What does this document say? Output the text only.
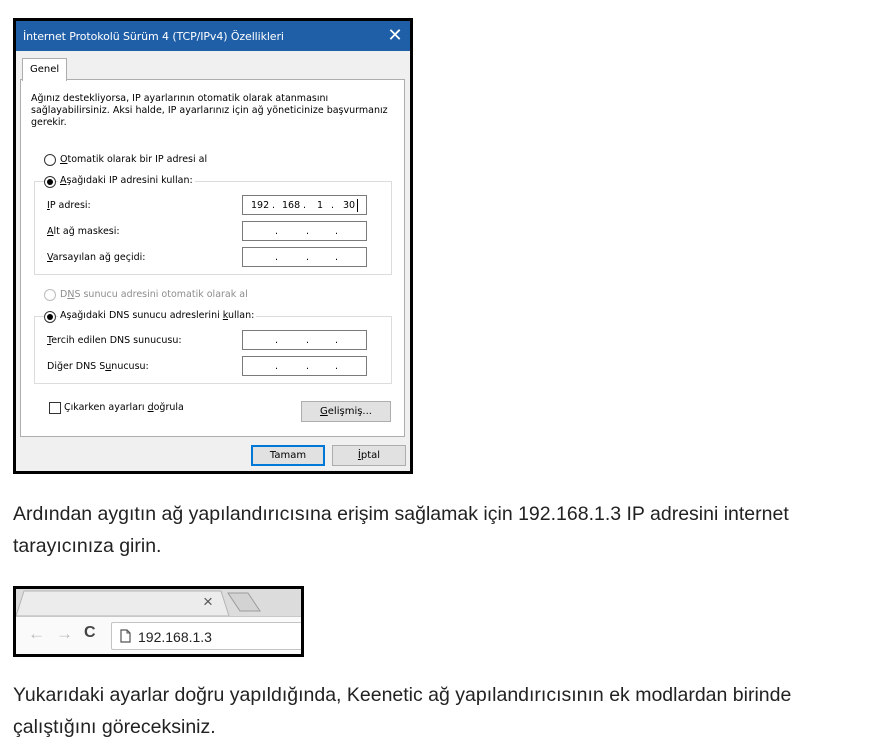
İnternet Protokolü Sürüm 4 (TCP/IPv4) Özellikleri	✕
Genel
Ağınız destekliyorsa, IP ayarlarının otomatik olarak atanmasını
sağlayabilirsiniz. Aksi halde, IP ayarlarınız için ağ yöneticinize başvurmanız
gerekir.
Otomatik olarak bir IP adresi al
Aşağıdaki IP adresini kullan:
IP adresi:	192 . 168 . 1 . 30
Alt ağ maskesi:	.	.	.
Varsayılan ağ geçidi:	.	.	.
DNS sunucu adresini otomatik olarak al
Aşağıdaki DNS sunucu adreslerini kullan:
Tercih edilen DNS sunucusu:	.	.	.
Diğer DNS Sunucusu:	.	.	.
Çıkarken ayarları doğrula	G elişmiş...
Tamam	İ ptal

Ardından aygıtın ağ yapılandırıcısına erişim sağlamak için 192.168.1.3 IP adresini internet tarayıcınıza girin.

×
← → C	192.168.1.3

Yukarıdaki ayarlar doğru yapıldığında, Keenetic ağ yapılandırıcısının ek modlardan birinde çalıştığını göreceksiniz.
